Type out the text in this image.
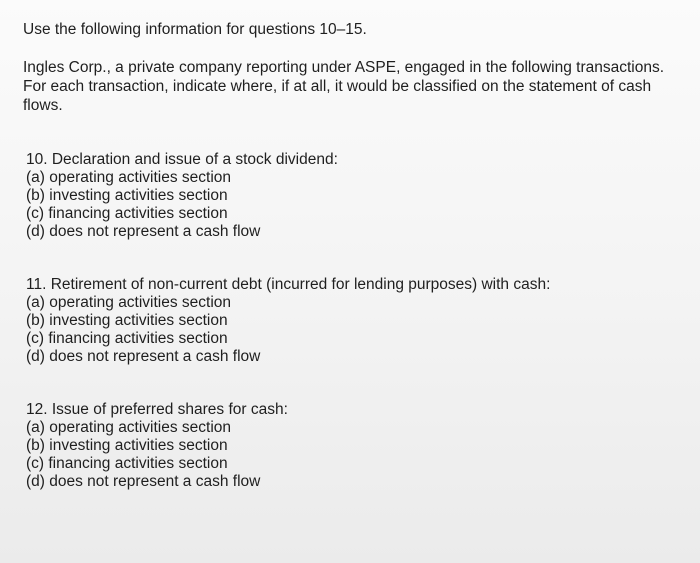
Use the following information for questions 10–15.
Ingles Corp., a private company reporting under ASPE, engaged in the following transactions. For each transaction, indicate where, if at all, it would be classified on the statement of cash flows.
10. Declaration and issue of a stock dividend:
(a) operating activities section
(b) investing activities section
(c) financing activities section
(d) does not represent a cash flow
11. Retirement of non-current debt (incurred for lending purposes) with cash:
(a) operating activities section
(b) investing activities section
(c) financing activities section
(d) does not represent a cash flow
12. Issue of preferred shares for cash:
(a) operating activities section
(b) investing activities section
(c) financing activities section
(d) does not represent a cash flow
